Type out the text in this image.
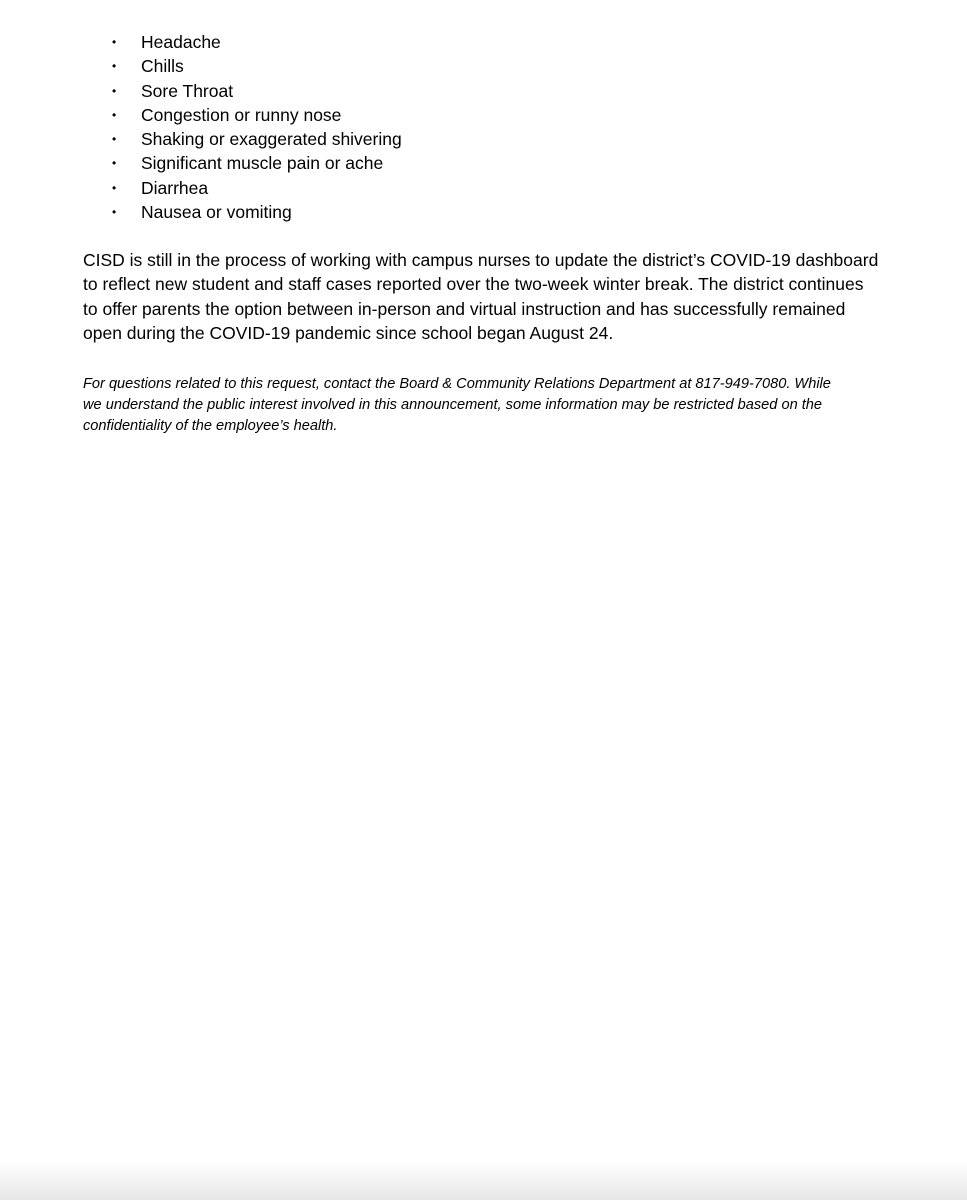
• Headache
• Chills
• Sore Throat
• Congestion or runny nose
• Shaking or exaggerated shivering
• Significant muscle pain or ache
• Diarrhea
• Nausea or vomiting

CISD is still in the process of working with campus nurses to update the district’s COVID-19 dashboard
to reflect new student and staff cases reported over the two-week winter break. The district continues
to offer parents the option between in-person and virtual instruction and has successfully remained
open during the COVID-19 pandemic since school began August 24.

For questions related to this request, contact the Board & Community Relations Department at 817-949-7080. While
we understand the public interest involved in this announcement, some information may be restricted based on the
confidentiality of the employee’s health.
